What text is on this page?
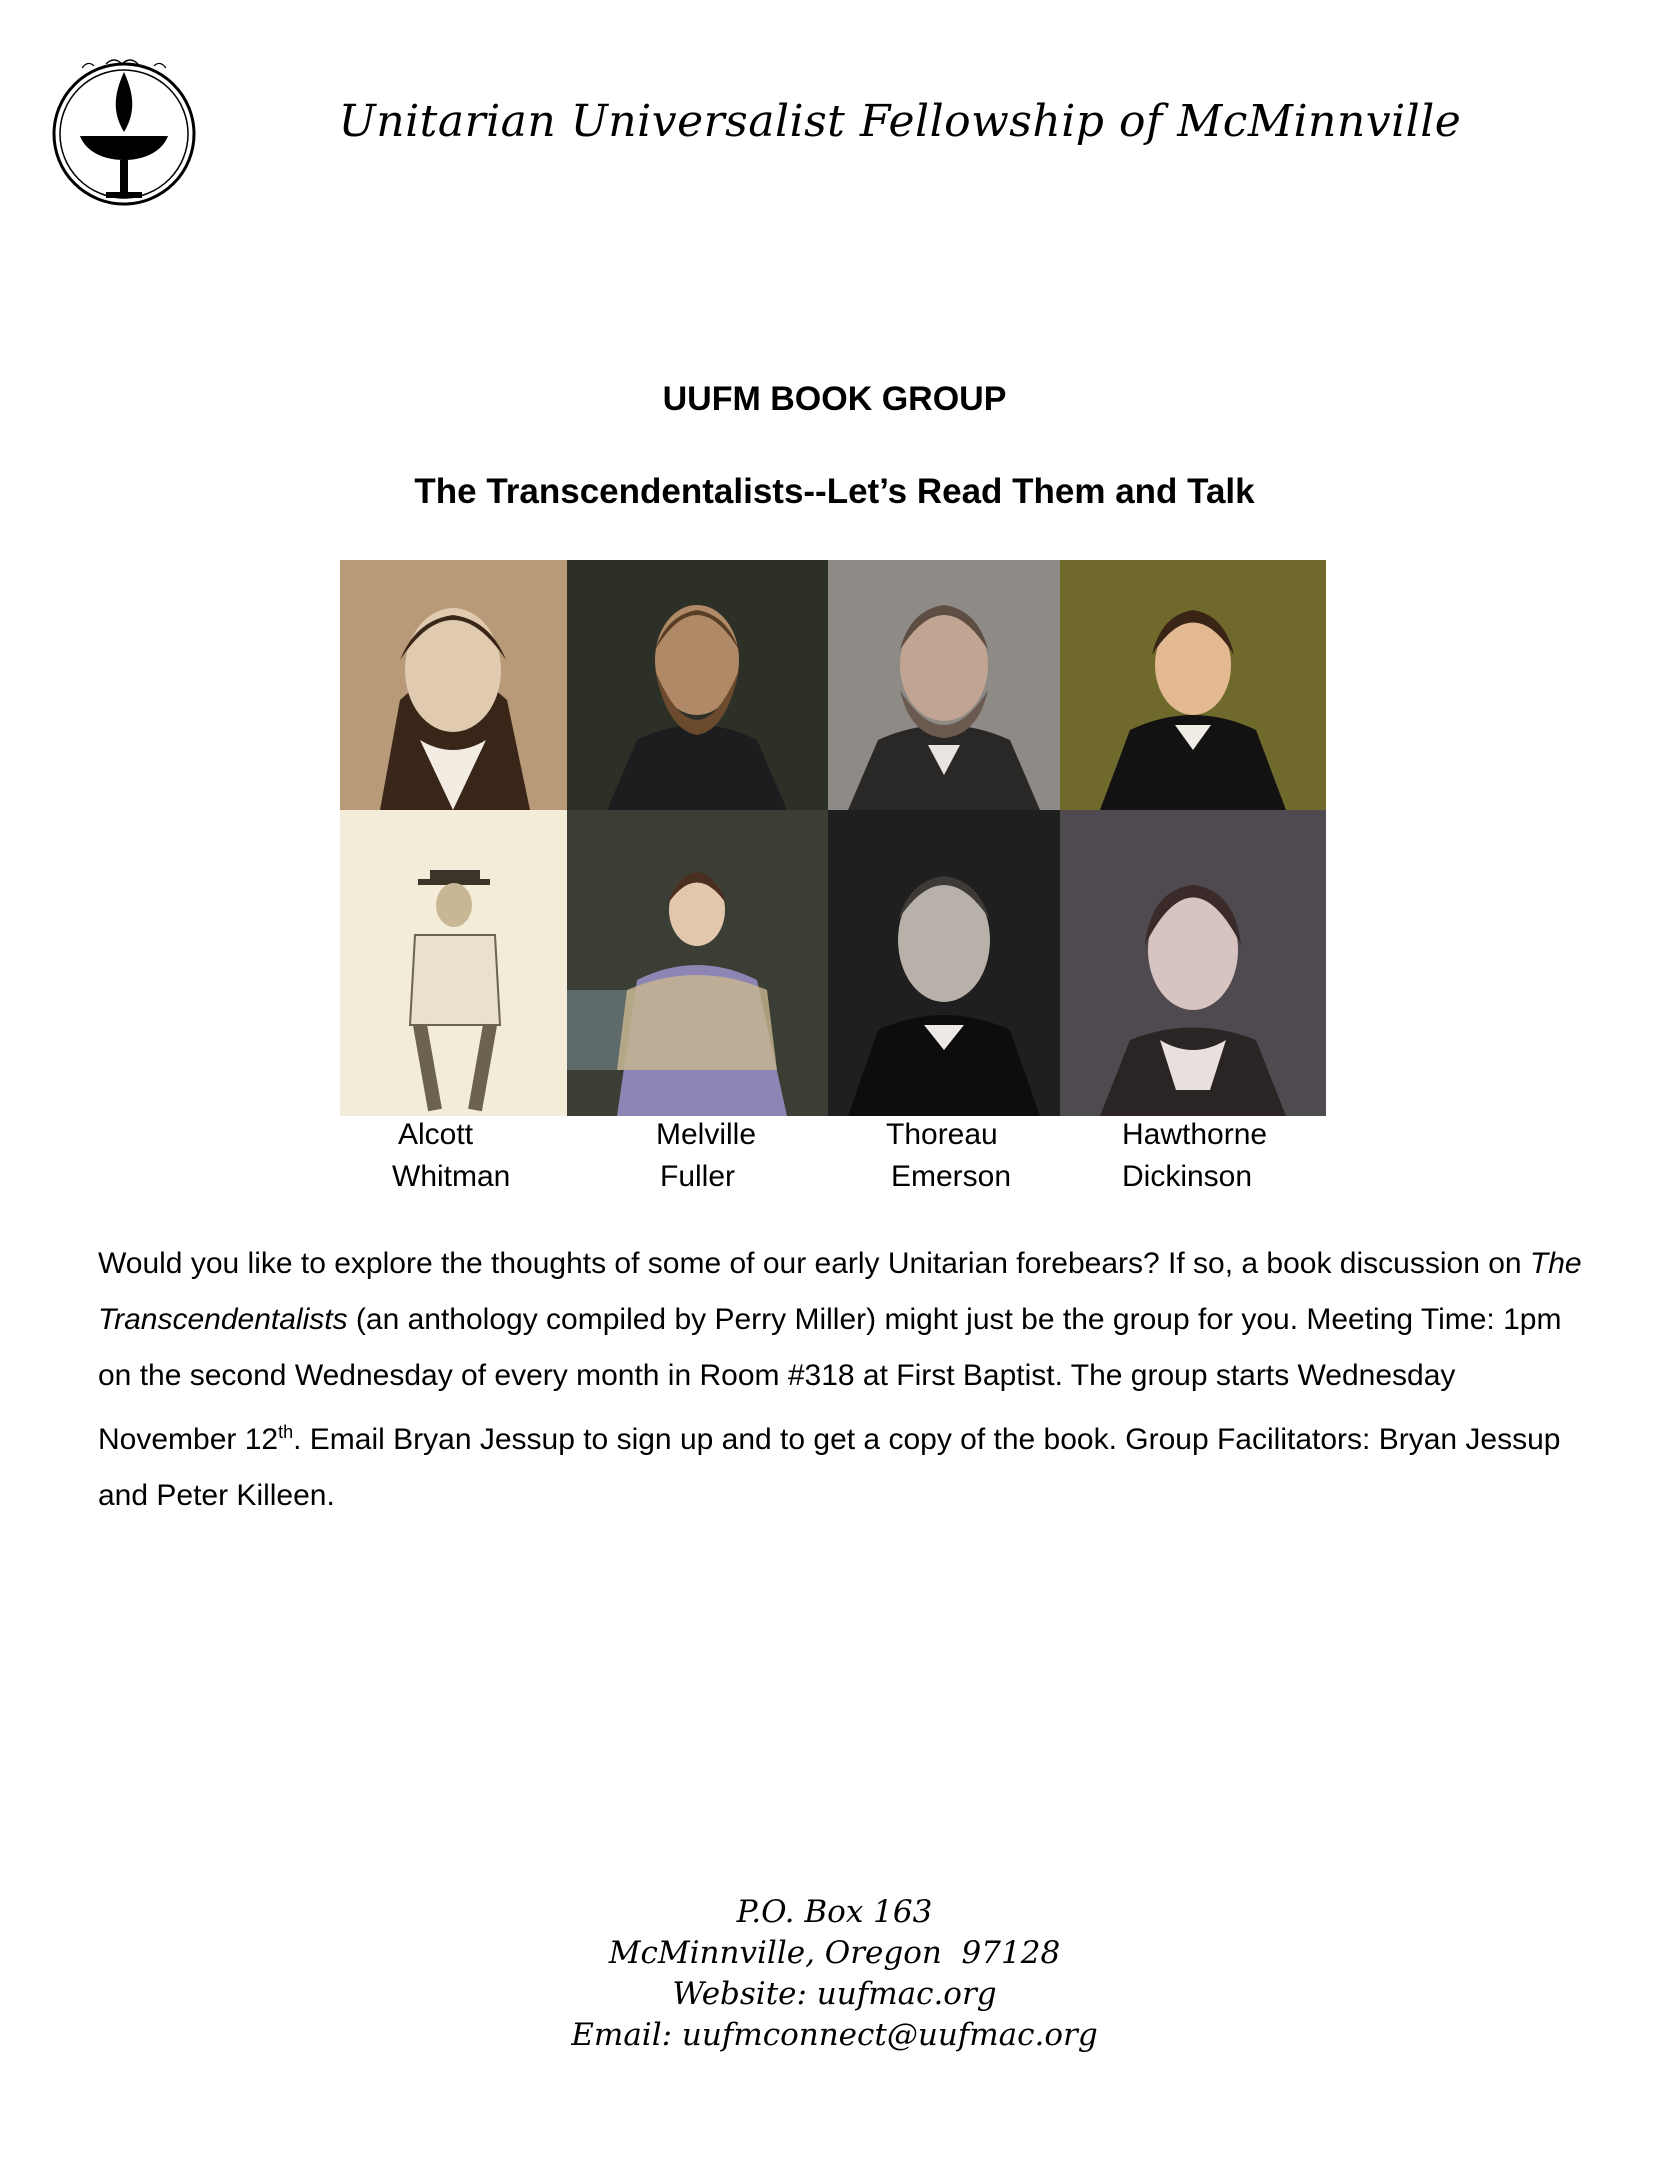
Unitarian Universalist Fellowship of McMinnville
UUFM BOOK GROUP
The Transcendentalists--Let’s Read Them and Talk
Alcott	Melville	Thoreau	Hawthorne
Whitman	Fuller	Emerson	Dickinson

Would you like to explore the thoughts of some of our early Unitarian forebears? If so, a book discussion on The Transcendentalists (an anthology compiled by Perry Miller) might just be the group for you. Meeting Time: 1pm on the second Wednesday of every month in Room #318 at First Baptist. The group starts Wednesday November 12th. Email Bryan Jessup to sign up and to get a copy of the book. Group Facilitators: Bryan Jessup and Peter Killeen.

P.O. Box 163
McMinnville, Oregon  97128
Website: uufmac.org
Email: uufmconnect@uufmac.org
